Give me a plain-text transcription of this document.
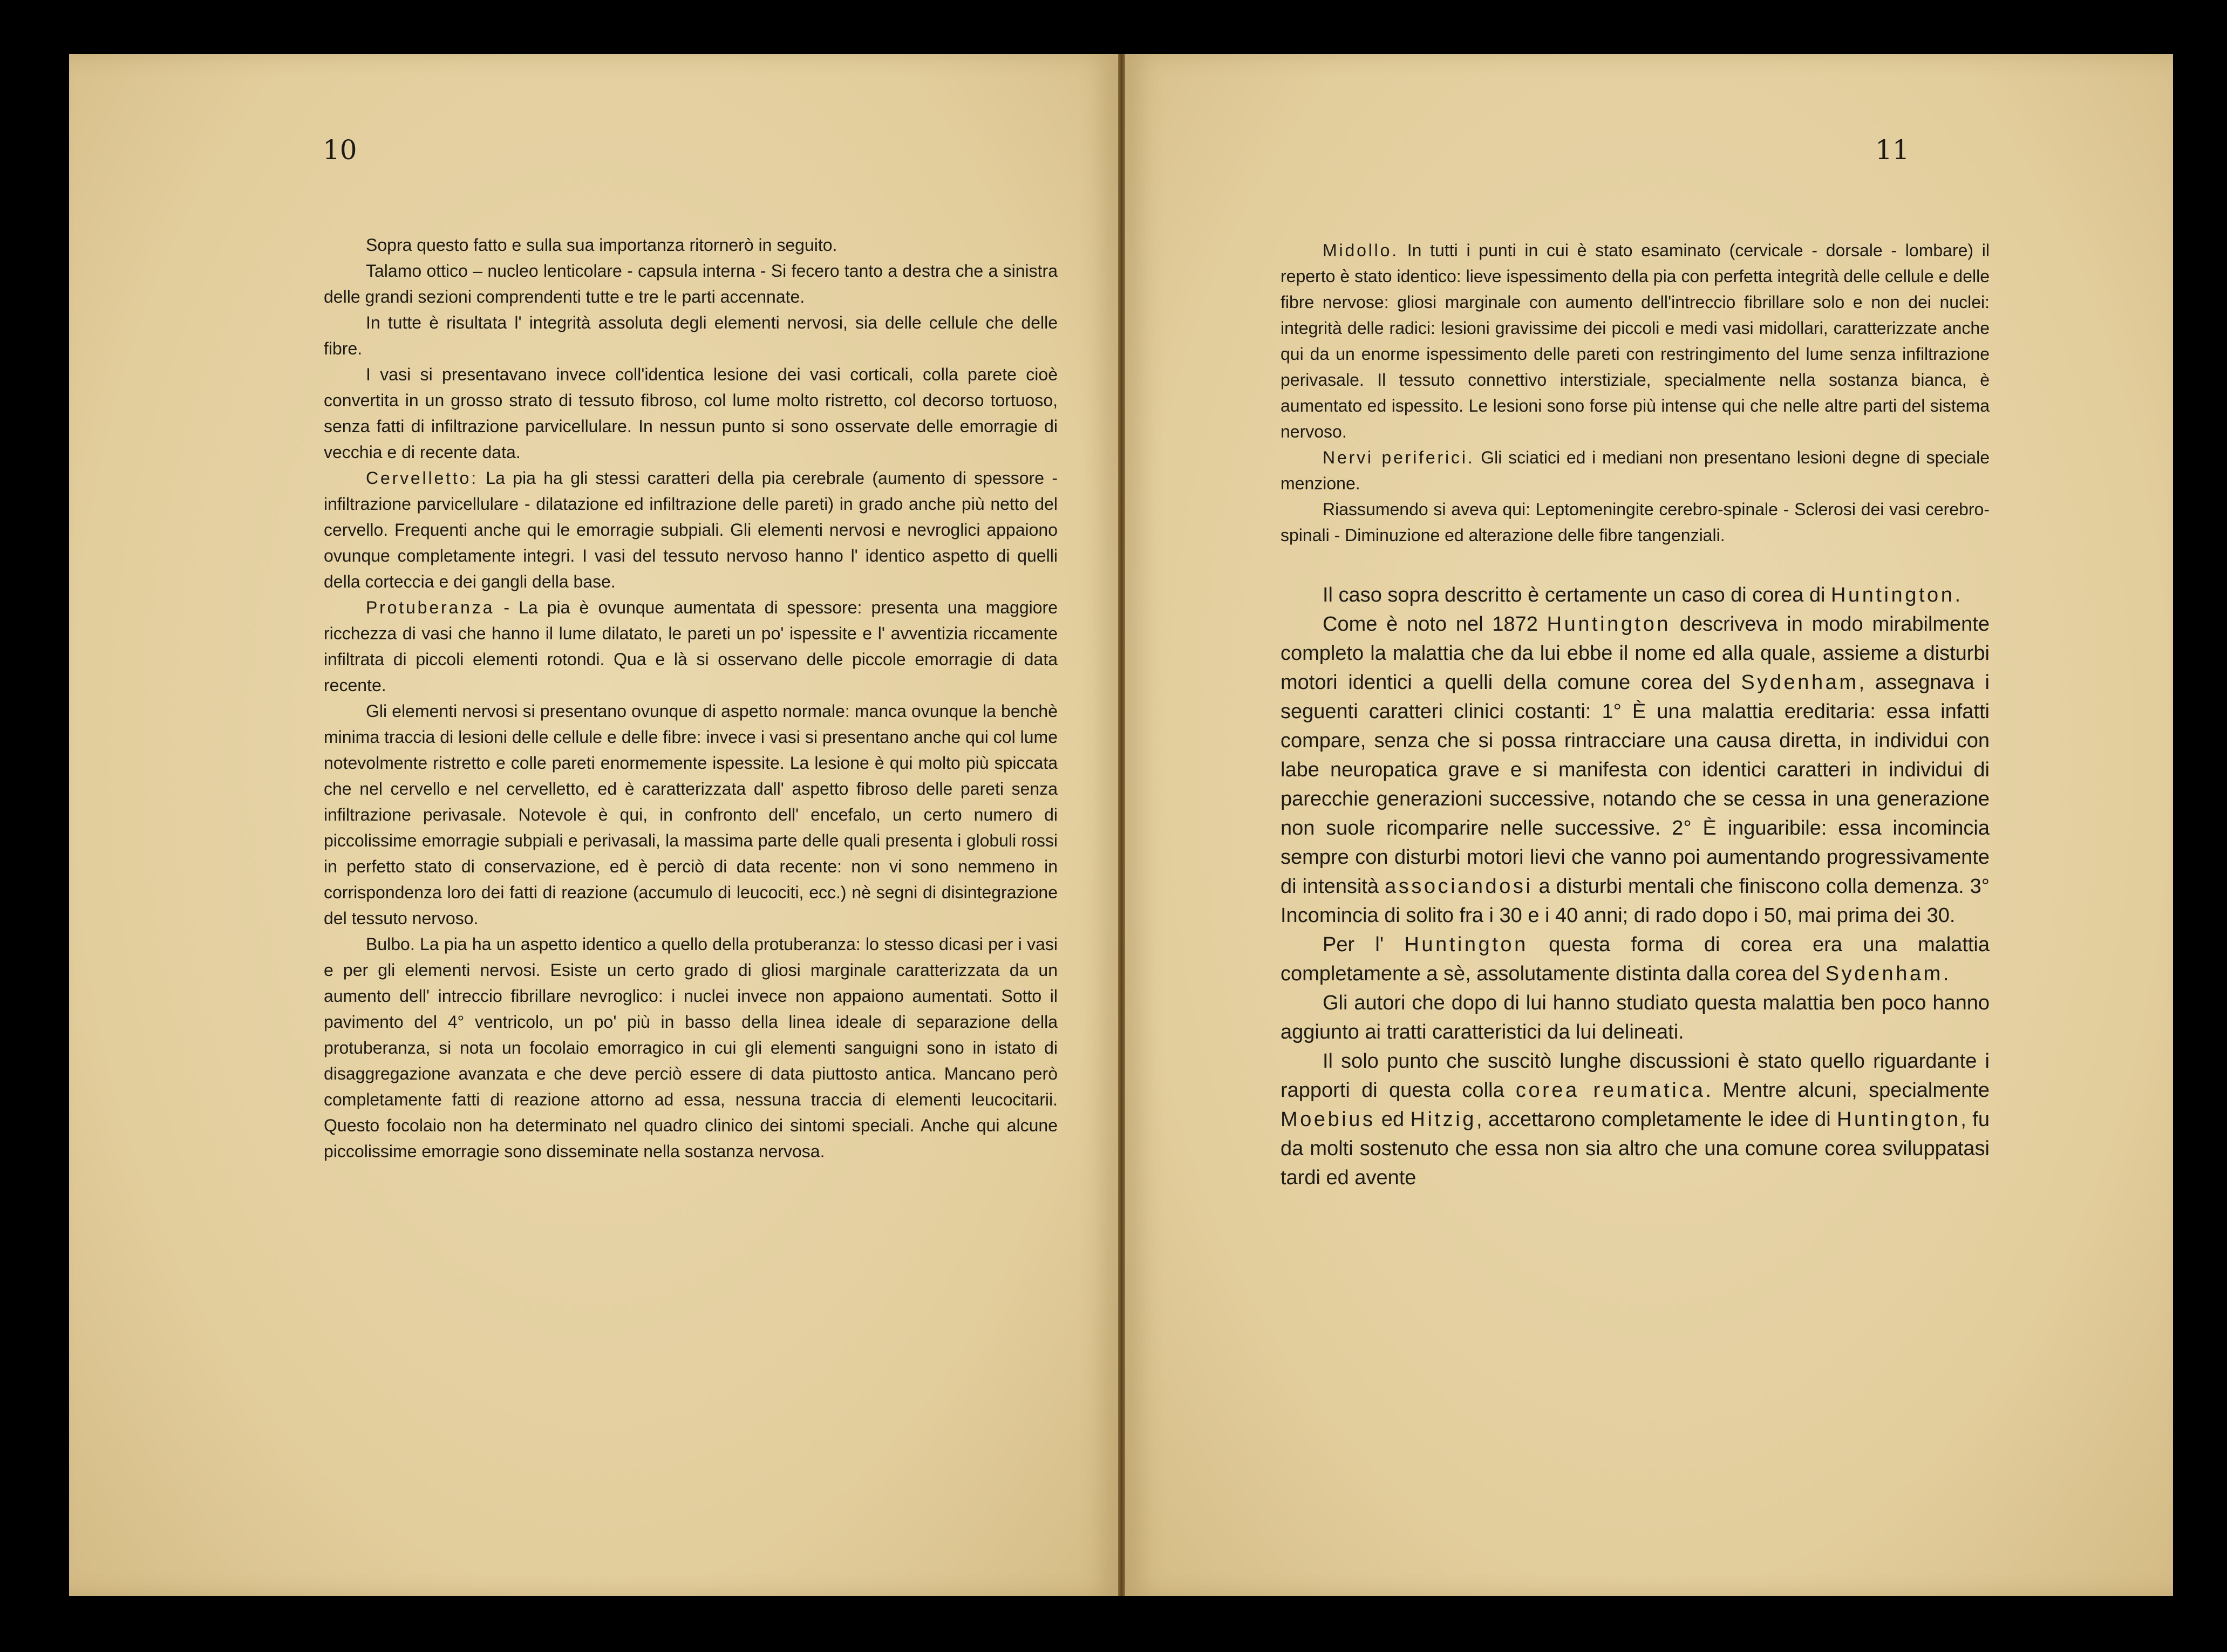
10

Sopra questo fatto e sulla sua importanza ritornerò in seguito.

Talamo ottico – nucleo lenticolare - capsula interna - Si fecero tanto a destra che a sinistra delle grandi sezioni comprendenti tutte e tre le parti accennate.

In tutte è risultata l' integrità assoluta degli elementi nervosi, sia delle cellule che delle fibre.

I vasi si presentavano invece coll'identica lesione dei vasi corticali, colla parete cioè convertita in un grosso strato di tessuto fibroso, col lume molto ristretto, col decorso tortuoso, senza fatti di infiltrazione parvicellulare. In nessun punto si sono osservate delle emorragie di vecchia e di recente data.

Cervelletto: La pia ha gli stessi caratteri della pia cerebrale (aumento di spessore - infiltrazione parvicellulare - dilatazione ed infiltrazione delle pareti) in grado anche più netto del cervello. Frequenti anche qui le emorragie subpiali. Gli elementi nervosi e nevroglici appaiono ovunque completamente integri. I vasi del tessuto nervoso hanno l' identico aspetto di quelli della corteccia e dei gangli della base.

Protuberanza - La pia è ovunque aumentata di spessore: presenta una maggiore ricchezza di vasi che hanno il lume dilatato, le pareti un po' ispessite e l' avventizia riccamente infiltrata di piccoli elementi rotondi. Qua e là si osservano delle piccole emorragie di data recente.

Gli elementi nervosi si presentano ovunque di aspetto normale: manca ovunque la benchè minima traccia di lesioni delle cellule e delle fibre: invece i vasi si presentano anche qui col lume notevolmente ristretto e colle pareti enormemente ispessite. La lesione è qui molto più spiccata che nel cervello e nel cervelletto, ed è caratterizzata dall' aspetto fibroso delle pareti senza infiltrazione perivasale. Notevole è qui, in confronto dell' encefalo, un certo numero di piccolissime emorragie subpiali e perivasali, la massima parte delle quali presenta i globuli rossi in perfetto stato di conservazione, ed è perciò di data recente: non vi sono nemmeno in corrispondenza loro dei fatti di reazione (accumulo di leucociti, ecc.) nè segni di disintegrazione del tessuto nervoso.

Bulbo. La pia ha un aspetto identico a quello della protuberanza: lo stesso dicasi per i vasi e per gli elementi nervosi. Esiste un certo grado di gliosi marginale caratterizzata da un aumento dell' intreccio fibrillare nevroglico: i nuclei invece non appaiono aumentati. Sotto il pavimento del 4° ventricolo, un po' più in basso della linea ideale di separazione della protuberanza, si nota un focolaio emorragico in cui gli elementi sanguigni sono in istato di disaggregazione avanzata e che deve perciò essere di data piuttosto antica. Mancano però completamente fatti di reazione attorno ad essa, nessuna traccia di elementi leucocitarii. Questo focolaio non ha determinato nel quadro clinico dei sintomi speciali. Anche qui alcune piccolissime emorragie sono disseminate nella sostanza nervosa.

11

Midollo. In tutti i punti in cui è stato esaminato (cervicale - dorsale - lombare) il reperto è stato identico: lieve ispessimento della pia con perfetta integrità delle cellule e delle fibre nervose: gliosi marginale con aumento dell'intreccio fibrillare solo e non dei nuclei: integrità delle radici: lesioni gravissime dei piccoli e medi vasi midollari, caratterizzate anche qui da un enorme ispessimento delle pareti con restringimento del lume senza infiltrazione perivasale. Il tessuto connettivo interstiziale, specialmente nella sostanza bianca, è aumentato ed ispessito. Le lesioni sono forse più intense qui che nelle altre parti del sistema nervoso.

Nervi periferici. Gli sciatici ed i mediani non presentano lesioni degne di speciale menzione.

Riassumendo si aveva qui: Leptomeningite cerebro-spinale - Sclerosi dei vasi cerebro-spinali - Diminuzione ed alterazione delle fibre tangenziali.

Il caso sopra descritto è certamente un caso di corea di Huntington.

Come è noto nel 1872 Huntington descriveva in modo mirabilmente completo la malattia che da lui ebbe il nome ed alla quale, assieme a disturbi motori identici a quelli della comune corea del Sydenham, assegnava i seguenti caratteri clinici costanti: 1° È una malattia ereditaria: essa infatti compare, senza che si possa rintracciare una causa diretta, in individui con labe neuropatica grave e si manifesta con identici caratteri in individui di parecchie generazioni successive, notando che se cessa in una generazione non suole ricomparire nelle successive. 2° È inguaribile: essa incomincia sempre con disturbi motori lievi che vanno poi aumentando progressivamente di intensità associandosi a disturbi mentali che finiscono colla demenza. 3° Incomincia di solito fra i 30 e i 40 anni; di rado dopo i 50, mai prima dei 30.

Per l' Huntington questa forma di corea era una malattia completamente a sè, assolutamente distinta dalla corea del Sydenham.

Gli autori che dopo di lui hanno studiato questa malattia ben poco hanno aggiunto ai tratti caratteristici da lui delineati.

Il solo punto che suscitò lunghe discussioni è stato quello riguardante i rapporti di questa colla corea reumatica. Mentre alcuni, specialmente Moebius ed Hitzig, accettarono completamente le idee di Huntington, fu da molti sostenuto che essa non sia altro che una comune corea sviluppatasi tardi ed avente
